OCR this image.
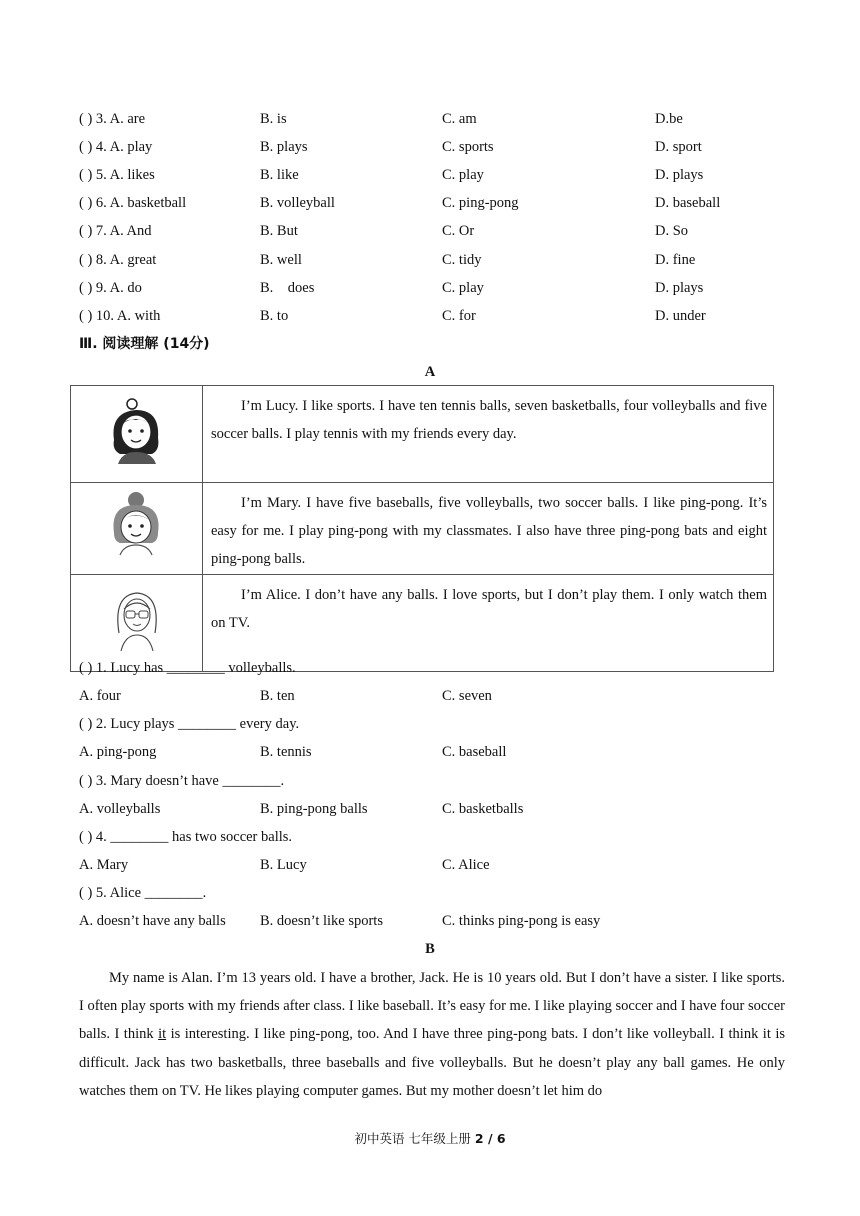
( ) 3. A. are	B. is	C. am	D.be
( ) 4. A. play	B. plays	C. sports	D. sport
( ) 5. A. likes	B. like	C. play	D. plays
( ) 6. A. basketball	B. volleyball	C. ping-pong	D. baseball
( ) 7. A. And	B. But	C. Or	D. So
( ) 8. A. great	B. well	C. tidy	D. fine
( ) 9. A. do	B.    does	C. play	D. plays
( ) 10. A. with	B. to	C. for	D. under
Ⅲ. 阅读理解 (14分)
A
	I’m Lucy. I like sports. I have ten tennis balls, seven basketballs, four volleyballs and five soccer balls. I play tennis with my friends every day.

	I’m Mary. I have five baseballs, five volleyballs, two soccer balls. I like ping-pong. It’s easy for me. I play ping-pong with my classmates. I also have three ping-pong bats and eight ping-pong balls.

	I’m Alice. I don’t have any balls. I love sports, but I don’t play them. I only watch them on TV.
( ) 1. Lucy has ________ volleyballs.
A. four	B. ten	C. seven
( ) 2. Lucy plays ________ every day.
A. ping-pong	B. tennis	C. baseball
( ) 3. Mary doesn’t have ________.
A. volleyballs	B. ping-pong balls	C. basketballs
( ) 4. ________ has two soccer balls.
A. Mary	B. Lucy	C. Alice
( ) 5. Alice ________.
A. doesn’t have any balls B. doesn’t like sports	C. thinks ping-pong is easy
B
My name is Alan. I’m 13 years old. I have a brother, Jack. He is 10 years old. But I don’t have a sister. I like sports. I often play sports with my friends after class. I like baseball. It’s easy for me. I like playing soccer and I have four soccer balls. I think it is interesting. I like ping-pong, too. And I have three ping-pong bats. I don’t like volleyball. I think it is difficult. Jack has two basketballs, three baseballs and five volleyballs. But he doesn’t play any ball games. He only watches them on TV. He likes playing computer games. But my mother doesn’t let him do
初中英语 七年级上册 2 / 6
